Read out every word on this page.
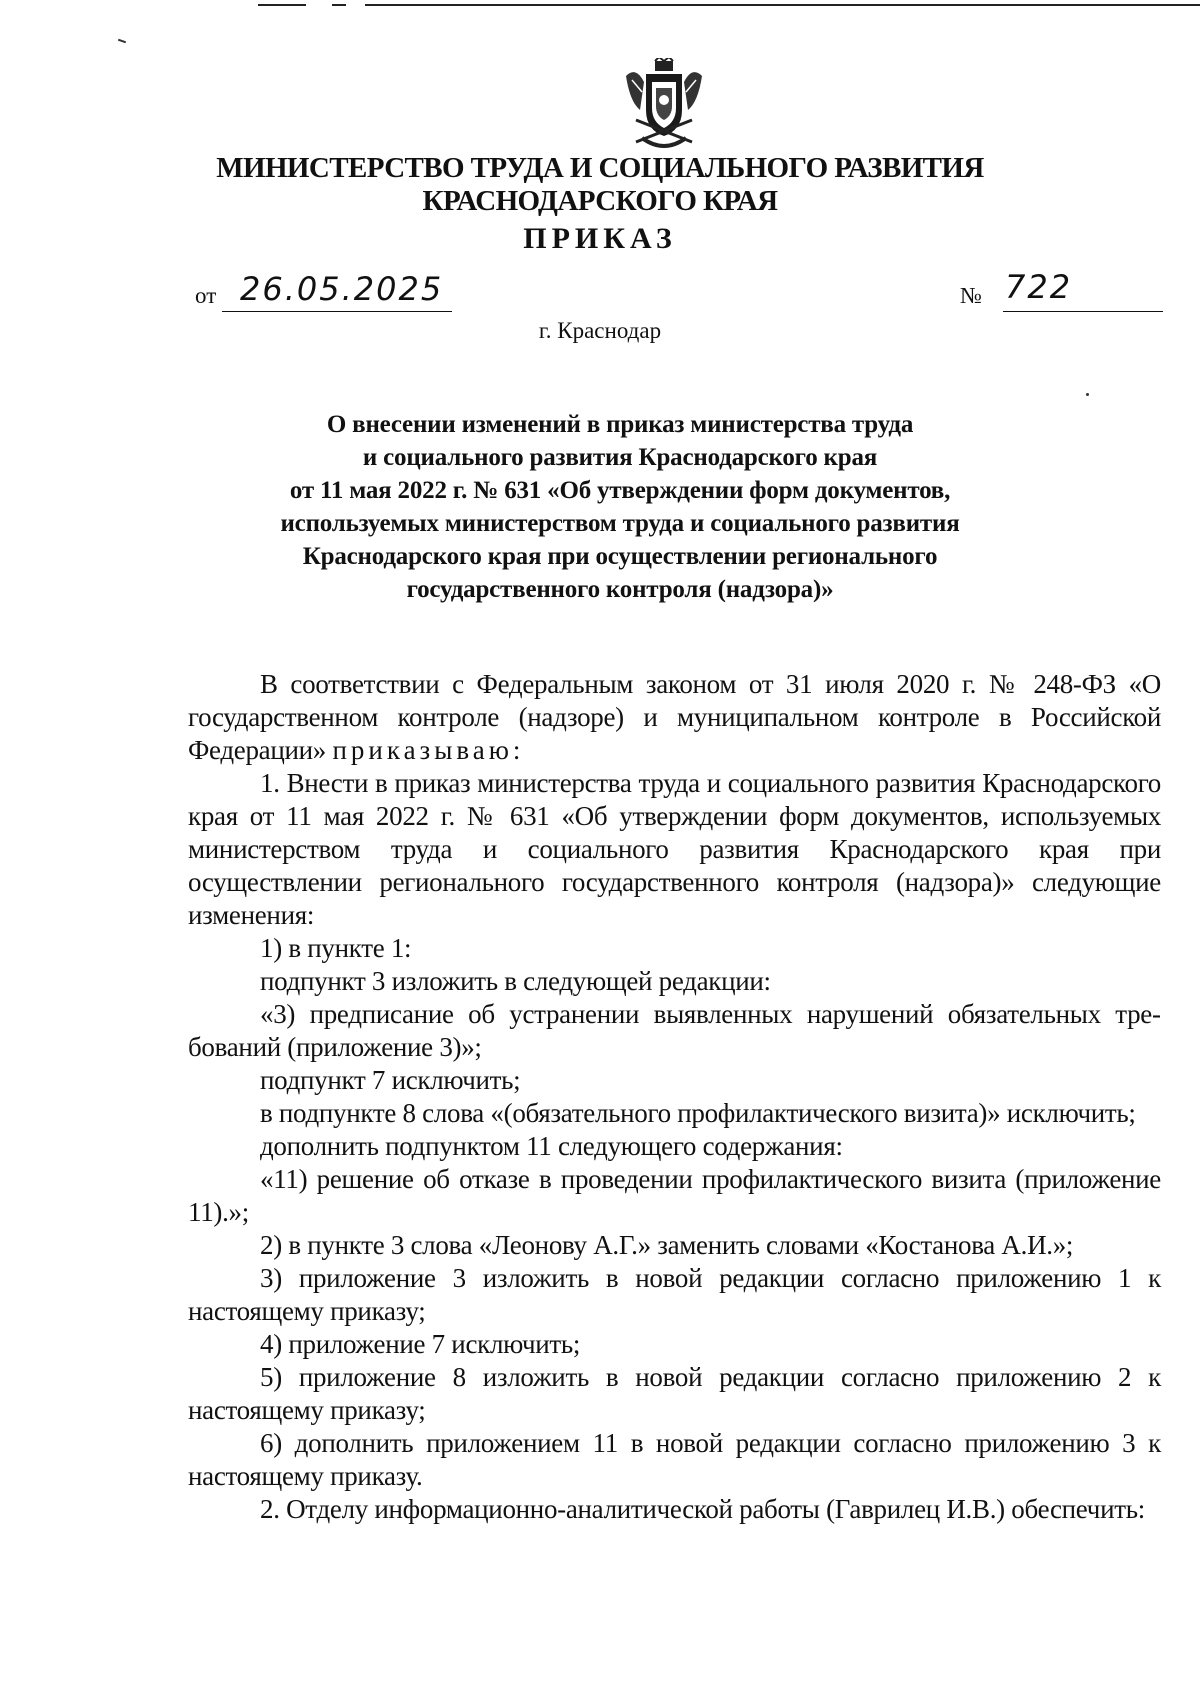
МИНИСТЕРСТВО ТРУДА И СОЦИАЛЬНОГО РАЗВИТИЯ
КРАСНОДАРСКОГО КРАЯ
ПРИКАЗ
от 26.05.2025	№ 722
г. Краснодар
О внесении изменений в приказ министерства труда
и социального развития Краснодарского края
от 11 мая 2022 г. № 631 «Об утверждении форм документов,
используемых министерством труда и социального развития
Краснодарского края при осуществлении регионального
государственного контроля (надзора)»

В соответствии с Федеральным законом от 31 июля 2020 г. № 248-ФЗ «О государственном контроле (надзоре) и муниципальном контроле в Российской Федерации» приказываю:

1. Внести в приказ министерства труда и социального развития Краснодарского края от 11 мая 2022 г. № 631 «Об утверждении форм документов, используемых министерством труда и социального развития Краснодарского края при осуществлении регионального государственного контроля (надзора)» следующие изменения:

1) в пункте 1:

подпункт 3 изложить в следующей редакции:

«3) предписание об устранении выявленных нарушений обязательных требований (приложение 3)»;

подпункт 7 исключить;

в подпункте 8 слова «(обязательного профилактического визита)» исключить;

дополнить подпунктом 11 следующего содержания:

«11) решение об отказе в проведении профилактического визита (приложение 11).»;

2) в пункте 3 слова «Леонову А.Г.» заменить словами «Костанова А.И.»;

3) приложение 3 изложить в новой редакции согласно приложению 1 к настоящему приказу;

4) приложение 7 исключить;

5) приложение 8 изложить в новой редакции согласно приложению 2 к настоящему приказу;

6) дополнить приложением 11 в новой редакции согласно приложению 3 к настоящему приказу.

2. Отделу информационно-аналитической работы (Гаврилец И.В.) обеспечить:
